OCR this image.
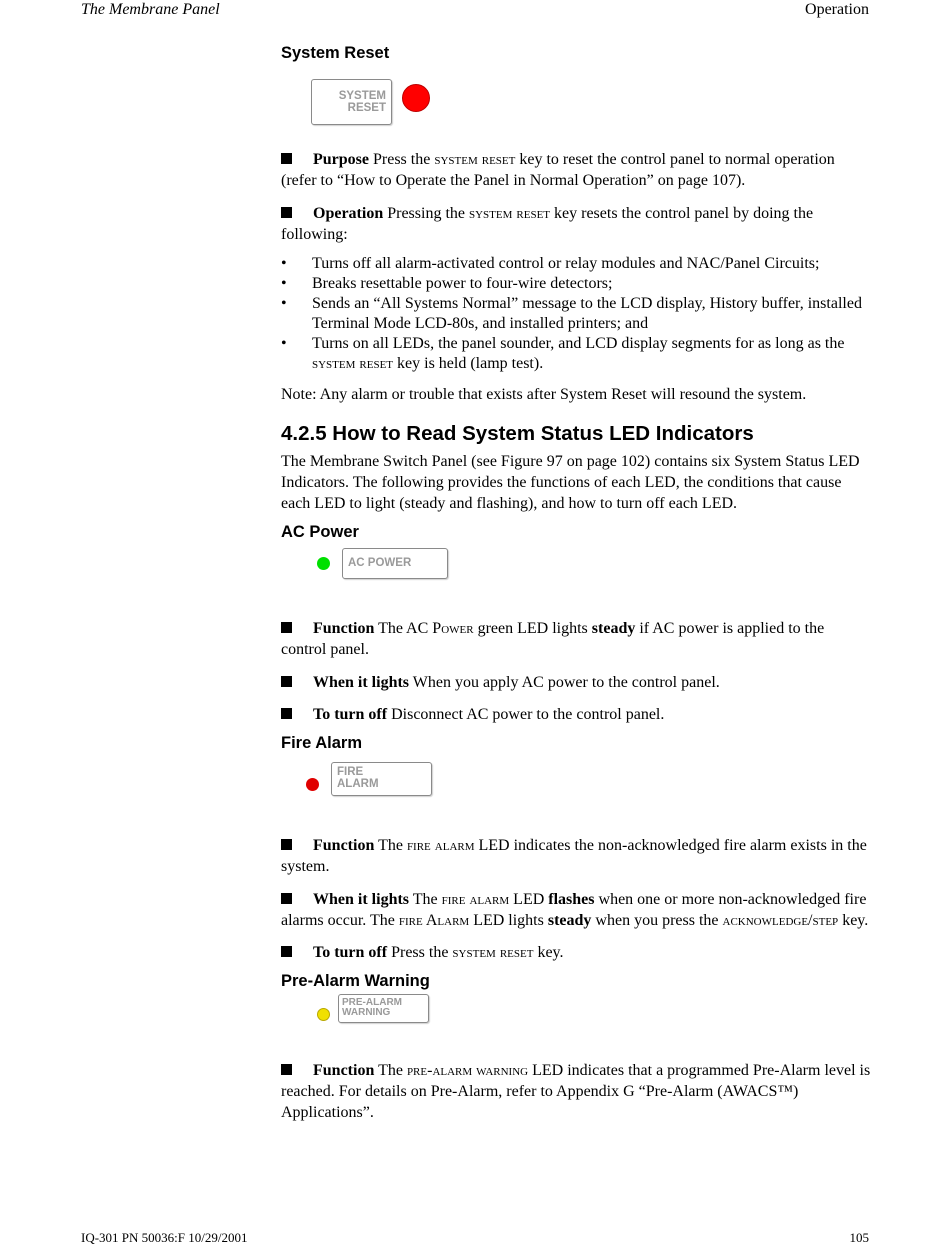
The Membrane Panel	Operation
System Reset
SYSTEM
RESET

Purpose Press the system reset key to reset the control panel to normal operation (refer to “How to Operate the Panel in Normal Operation” on page 107).

Operation Pressing the system reset key resets the control panel by doing the following:

• Turns off all alarm-activated control or relay modules and NAC/Panel Circuits;
• Breaks resettable power to four-wire detectors;
• Sends an “All Systems Normal” message to the LCD display, History buffer, installed Terminal Mode LCD-80s, and installed printers; and
• Turns on all LEDs, the panel sounder, and LCD display segments for as long as the system reset key is held (lamp test).

Note: Any alarm or trouble that exists after System Reset will resound the system.

4.2.5 How to Read System Status LED Indicators

The Membrane Switch Panel (see Figure 97 on page 102) contains six System Status LED Indicators. The following provides the functions of each LED, the conditions that cause each LED to light (steady and flashing), and how to turn off each LED.

AC Power
AC POWER

Function The AC Power green LED lights steady if AC power is applied to the control panel.

When it lights When you apply AC power to the control panel.

To turn off Disconnect AC power to the control panel.

Fire Alarm
FIRE
ALARM

Function The fire alarm LED indicates the non-acknowledged fire alarm exists in the system.

When it lights The fire alarm LED flashes when one or more non-acknowledged fire alarms occur. The fire Alarm LED lights steady when you press the acknowledge/step key.

To turn off Press the system reset key.

Pre-Alarm Warning
PRE-ALARM
WARNING

Function The pre-alarm warning LED indicates that a programmed Pre-Alarm level is reached. For details on Pre-Alarm, refer to Appendix G “Pre-Alarm (AWACS™) Applications”.

IQ-301 PN 50036:F 10/29/2001	105
